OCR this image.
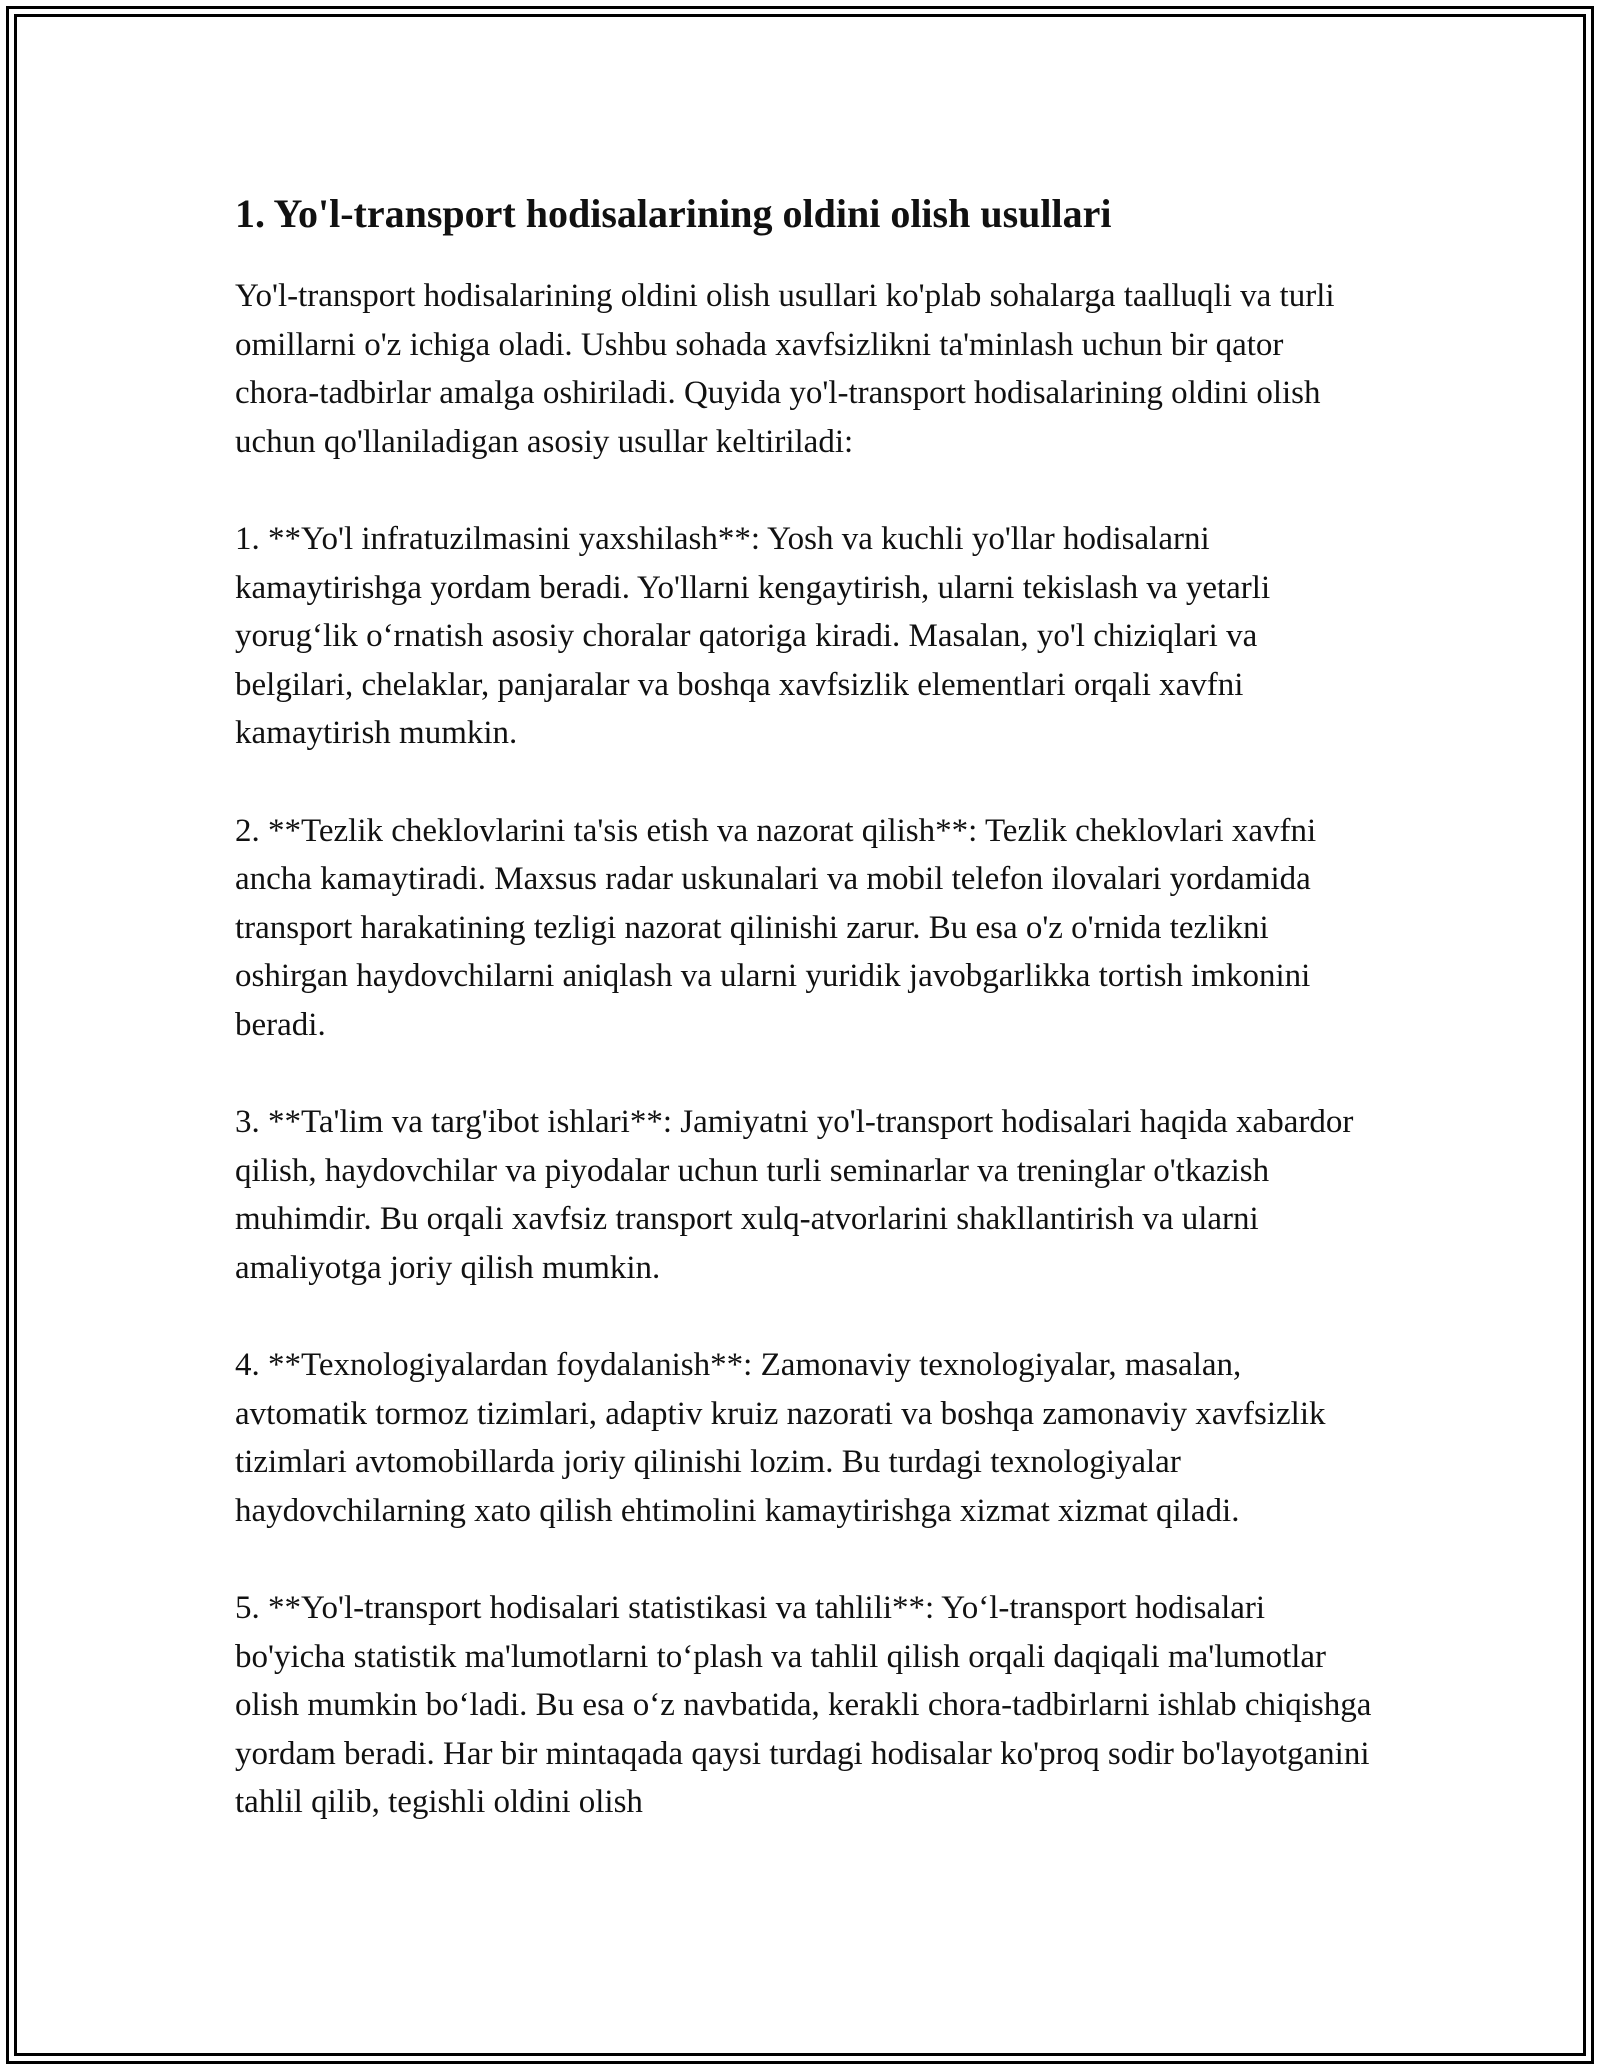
1. Yo'l-transport hodisalarining oldini olish usullari

Yo'l-transport hodisalarining oldini olish usullari ko'plab sohalarga taalluqli va turli omillarni o'z ichiga oladi. Ushbu sohada xavfsizlikni ta'minlash uchun bir qator chora-tadbirlar amalga oshiriladi. Quyida yo'l-transport hodisalarining oldini olish uchun qo'llaniladigan asosiy usullar keltiriladi:

1. **Yo'l infratuzilmasini yaxshilash**: Yosh va kuchli yo'llar hodisalarni kamaytirishga yordam beradi. Yo'llarni kengaytirish, ularni tekislash va yetarli yorug‘lik o‘rnatish asosiy choralar qatoriga kiradi. Masalan, yo'l chiziqlari va belgilari, chelaklar, panjaralar va boshqa xavfsizlik elementlari orqali xavfni kamaytirish mumkin.

2. **Tezlik cheklovlarini ta'sis etish va nazorat qilish**: Tezlik cheklovlari xavfni ancha kamaytiradi. Maxsus radar uskunalari va mobil telefon ilovalari yordamida transport harakatining tezligi nazorat qilinishi zarur. Bu esa o'z o'rnida tezlikni oshirgan haydovchilarni aniqlash va ularni yuridik javobgarlikka tortish imkonini beradi.

3. **Ta'lim va targ'ibot ishlari**: Jamiyatni yo'l-transport hodisalari haqida xabardor qilish, haydovchilar va piyodalar uchun turli seminarlar va treninglar o'tkazish muhimdir. Bu orqali xavfsiz transport xulq-atvorlarini shakllantirish va ularni amaliyotga joriy qilish mumkin.

4. **Texnologiyalardan foydalanish**: Zamonaviy texnologiyalar, masalan, avtomatik tormoz tizimlari, adaptiv kruiz nazorati va boshqa zamonaviy xavfsizlik tizimlari avtomobillarda joriy qilinishi lozim. Bu turdagi texnologiyalar haydovchilarning xato qilish ehtimolini kamaytirishga xizmat xizmat qiladi.

5. **Yo'l-transport hodisalari statistikasi va tahlili**: Yo‘l-transport hodisalari bo'yicha statistik ma'lumotlarni to‘plash va tahlil qilish orqali daqiqali ma'lumotlar olish mumkin bo‘ladi. Bu esa o‘z navbatida, kerakli chora-tadbirlarni ishlab chiqishga yordam beradi. Har bir mintaqada qaysi turdagi hodisalar ko'proq sodir bo'layotganini tahlil qilib, tegishli oldini olish
